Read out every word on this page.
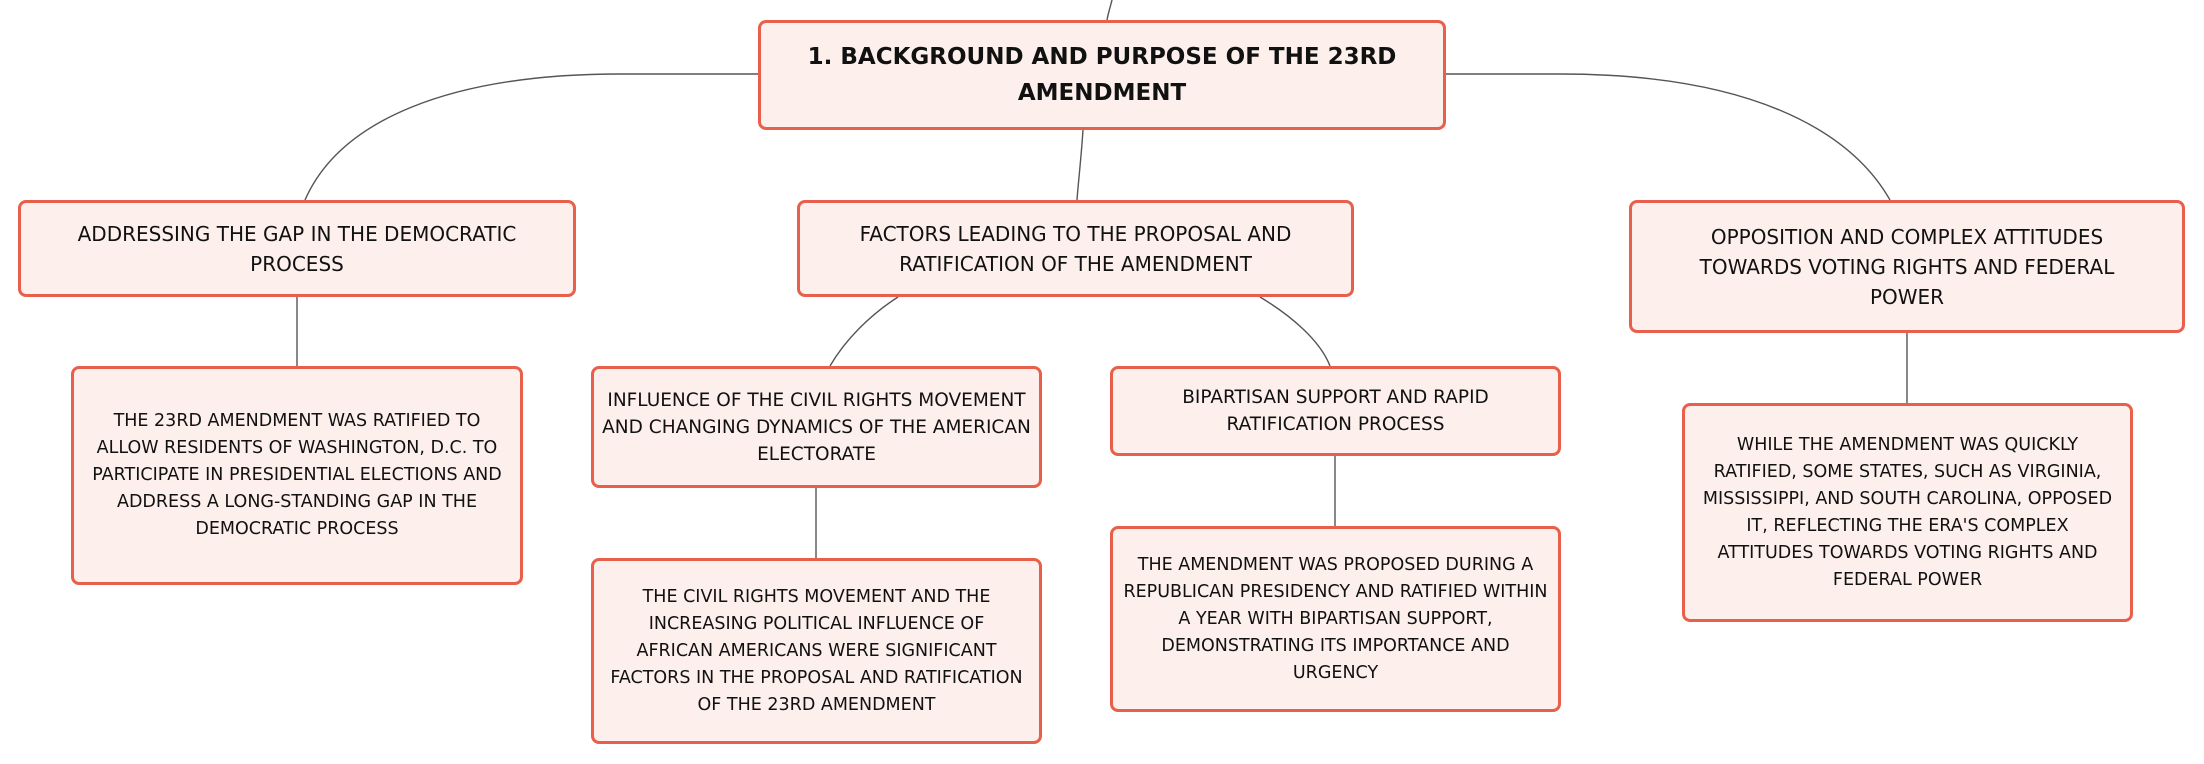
1. BACKGROUND AND PURPOSE OF THE 23RD AMENDMENT
ADDRESSING THE GAP IN THE DEMOCRATIC PROCESS
FACTORS LEADING TO THE PROPOSAL AND RATIFICATION OF THE AMENDMENT
OPPOSITION AND COMPLEX ATTITUDES TOWARDS VOTING RIGHTS AND FEDERAL POWER
THE 23RD AMENDMENT WAS RATIFIED TO ALLOW RESIDENTS OF WASHINGTON, D.C. TO PARTICIPATE IN PRESIDENTIAL ELECTIONS AND ADDRESS A LONG-STANDING GAP IN THE DEMOCRATIC PROCESS
INFLUENCE OF THE CIVIL RIGHTS MOVEMENT AND CHANGING DYNAMICS OF THE AMERICAN ELECTORATE
BIPARTISAN SUPPORT AND RAPID RATIFICATION PROCESS
THE CIVIL RIGHTS MOVEMENT AND THE INCREASING POLITICAL INFLUENCE OF AFRICAN AMERICANS WERE SIGNIFICANT FACTORS IN THE PROPOSAL AND RATIFICATION OF THE 23RD AMENDMENT
THE AMENDMENT WAS PROPOSED DURING A REPUBLICAN PRESIDENCY AND RATIFIED WITHIN A YEAR WITH BIPARTISAN SUPPORT, DEMONSTRATING ITS IMPORTANCE AND URGENCY
WHILE THE AMENDMENT WAS QUICKLY RATIFIED, SOME STATES, SUCH AS VIRGINIA, MISSISSIPPI, AND SOUTH CAROLINA, OPPOSED IT, REFLECTING THE ERA'S COMPLEX ATTITUDES TOWARDS VOTING RIGHTS AND FEDERAL POWER
